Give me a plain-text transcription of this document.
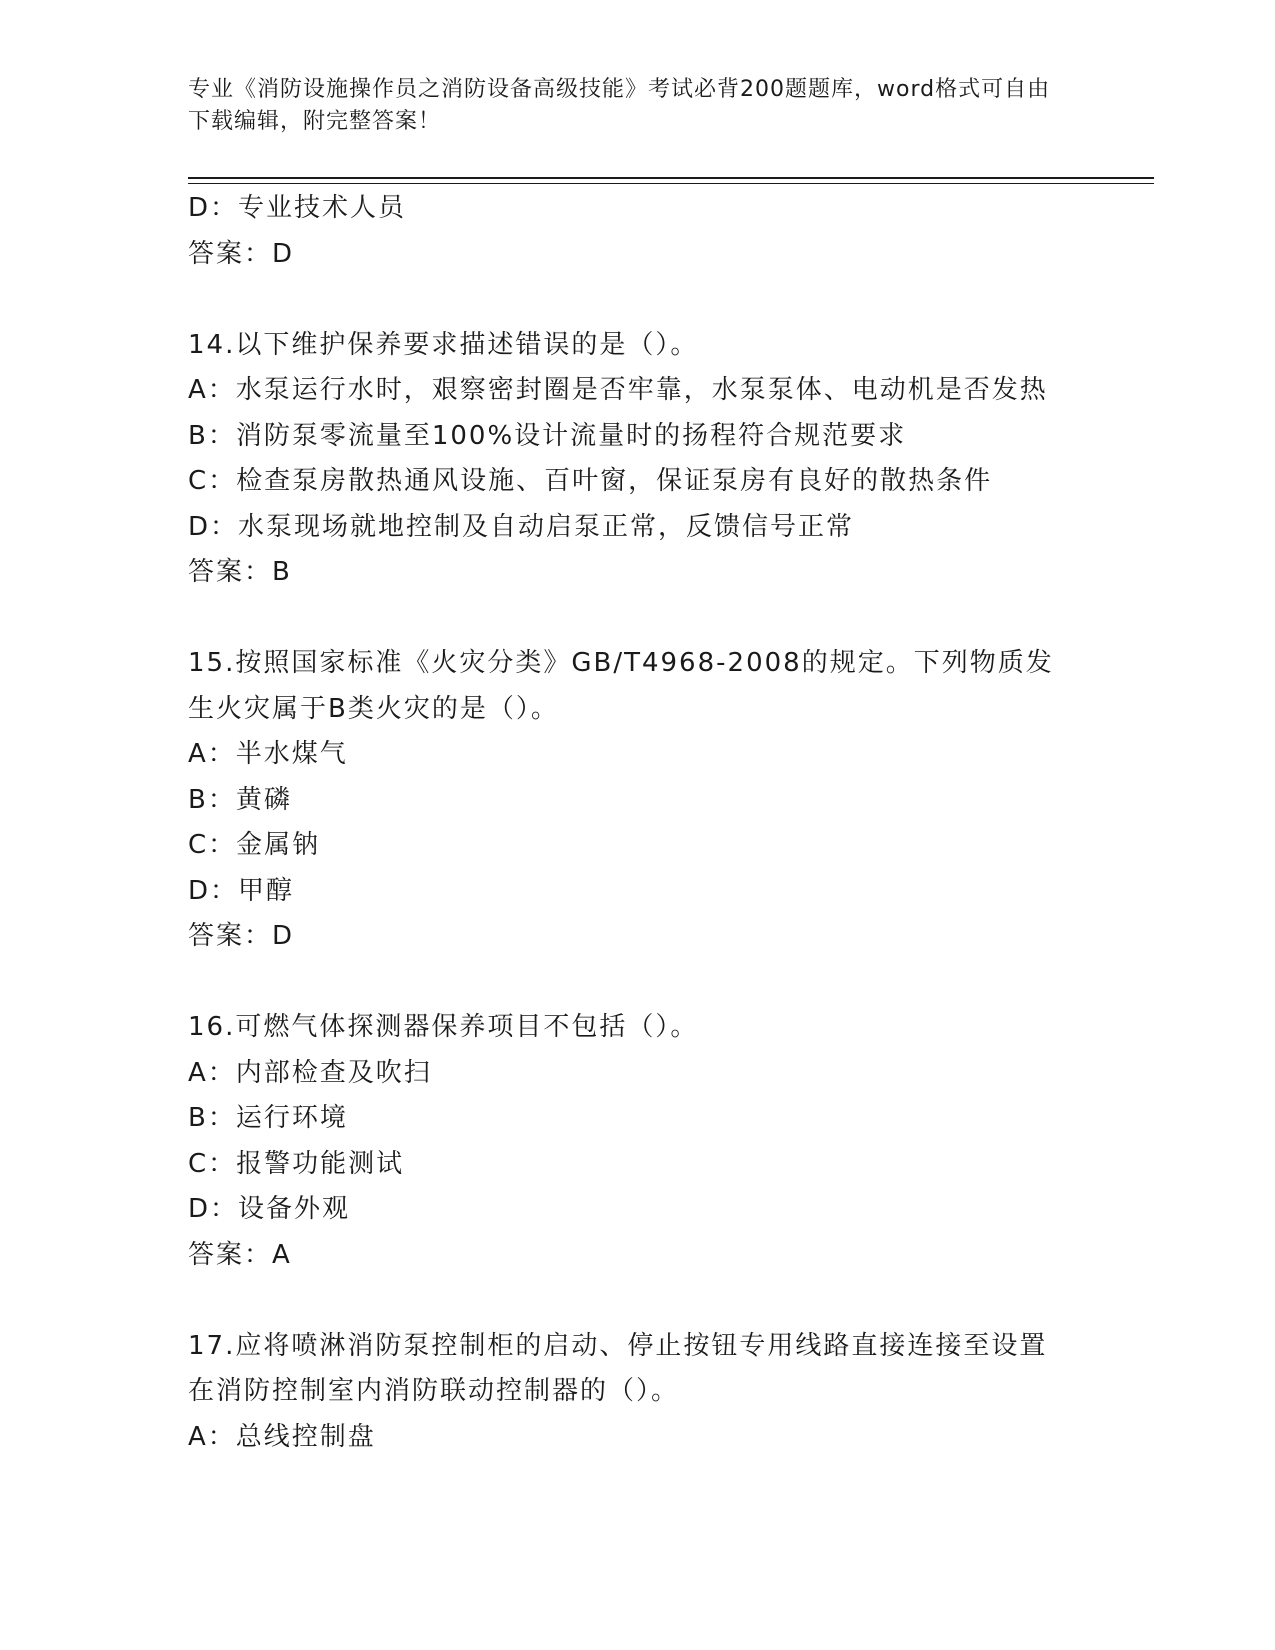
专业《消防设施操作员之消防设备高级技能》考试必背200题题库，word格式可自由下载编辑，附完整答案！
D：专业技术人员
答案：D
14.以下维护保养要求描述错误的是（）。
A：水泵运行水时，艰察密封圈是否牢靠，水泵泵体、电动机是否发热
B：消防泵零流量至100%设计流量时的扬程符合规范要求
C：检查泵房散热通风设施、百叶窗，保证泵房有良好的散热条件
D：水泵现场就地控制及自动启泵正常，反馈信号正常
答案：B
15.按照国家标准《火灾分类》GB/T4968-2008的规定。下列物质发生火灾属于B类火灾的是（）。
A：半水煤气
B：黄磷
C：金属钠
D：甲醇
答案：D
16.可燃气体探测器保养项目不包括（）。
A：内部检查及吹扫
B：运行环境
C：报警功能测试
D：设备外观
答案：A
17.应将喷淋消防泵控制柜的启动、停止按钮专用线路直接连接至设置在消防控制室内消防联动控制器的（）。
A：总线控制盘
